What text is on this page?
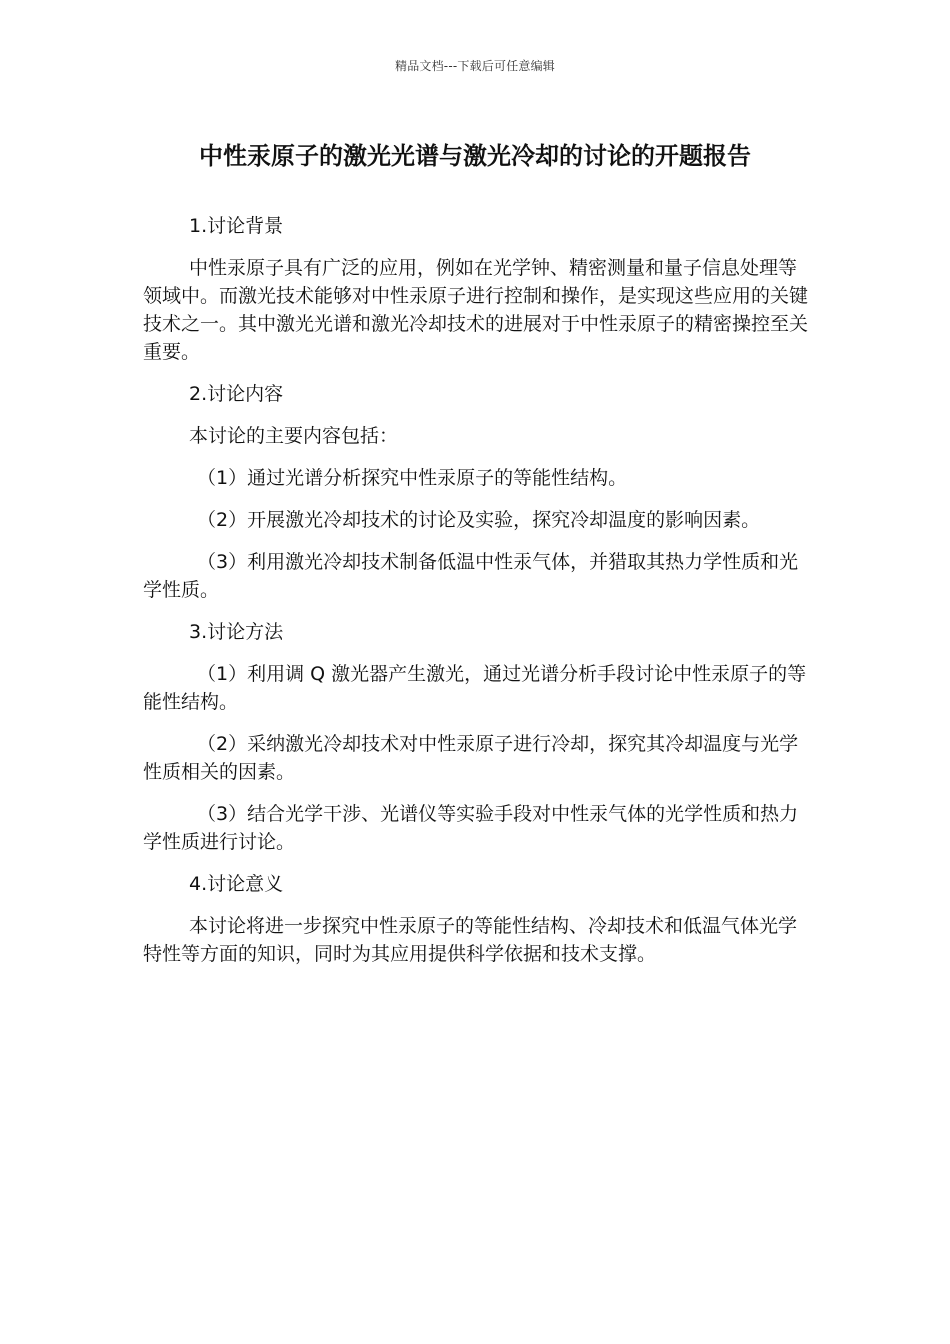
精品文档---下载后可任意编辑
中性汞原子的激光光谱与激光冷却的讨论的开题报告

1.讨论背景

中性汞原子具有广泛的应用，例如在光学钟、精密测量和量子信息处理等领域中。而激光技术能够对中性汞原子进行控制和操作，是实现这些应用的关键技术之一。其中激光光谱和激光冷却技术的进展对于中性汞原子的精密操控至关重要。

2.讨论内容

本讨论的主要内容包括：

（1）通过光谱分析探究中性汞原子的等能性结构。

（2）开展激光冷却技术的讨论及实验，探究冷却温度的影响因素。

（3）利用激光冷却技术制备低温中性汞气体，并猎取其热力学性质和光学性质。

3.讨论方法

（1）利用调 Q 激光器产生激光，通过光谱分析手段讨论中性汞原子的等能性结构。

（2）采纳激光冷却技术对中性汞原子进行冷却，探究其冷却温度与光学性质相关的因素。

（3）结合光学干涉、光谱仪等实验手段对中性汞气体的光学性质和热力学性质进行讨论。

4.讨论意义

本讨论将进一步探究中性汞原子的等能性结构、冷却技术和低温气体光学特性等方面的知识，同时为其应用提供科学依据和技术支撑。
